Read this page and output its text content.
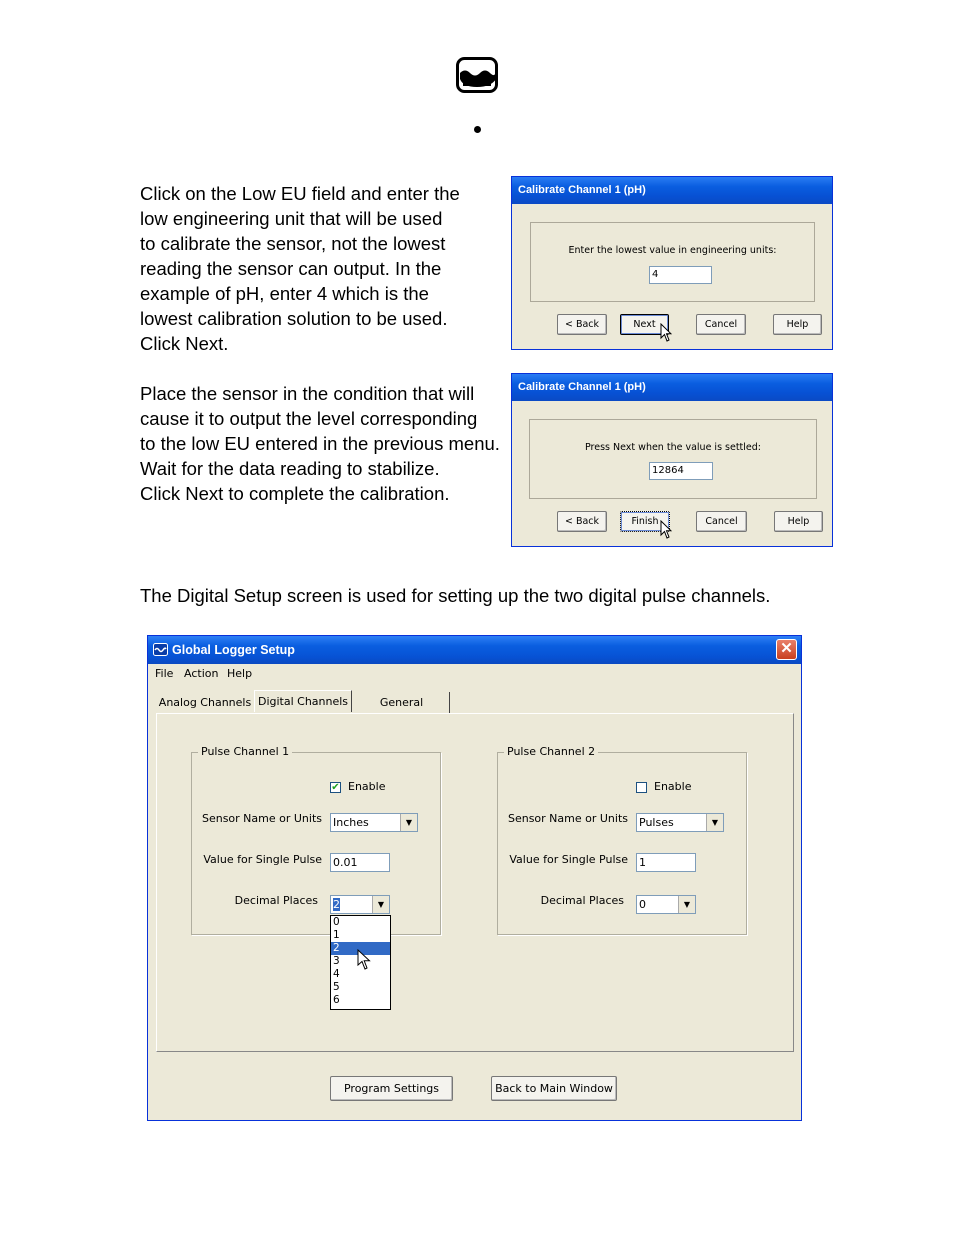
Click on the Low EU field and enter the
low engineering unit that will be used
to calibrate the sensor, not the lowest
reading the sensor can output. In the
example of pH, enter 4 which is the
lowest calibration solution to be used.
Click Next.
Place the sensor in the condition that will
cause it to output the level corresponding
to the low EU entered in the previous menu.
Wait for the data reading to stabilize.
Click Next to complete the calibration.
The Digital Setup screen is used for setting up the two digital pulse channels.
Calibrate Channel 1 (pH)
Enter the lowest value in engineering units:
4
< Back	Next	Cancel	Help
Calibrate Channel 1 (pH)
Press Next when the value is settled:
12864
< Back	Finish	Cancel	Help
Global Logger Setup	✕
File Action Help
Analog Channels Digital Channels	General
Pulse Channel 1
✔ Enable
Sensor Name or Units Inches	▼
Value for Single Pulse 0.01
Decimal Places 2	▼
Pulse Channel 2
Enable
Sensor Name or Units Pulses	▼
Value for Single Pulse 1
Decimal Places 0	▼
0
1
2
3
4
5
6
Program Settings	Back to Main Window
